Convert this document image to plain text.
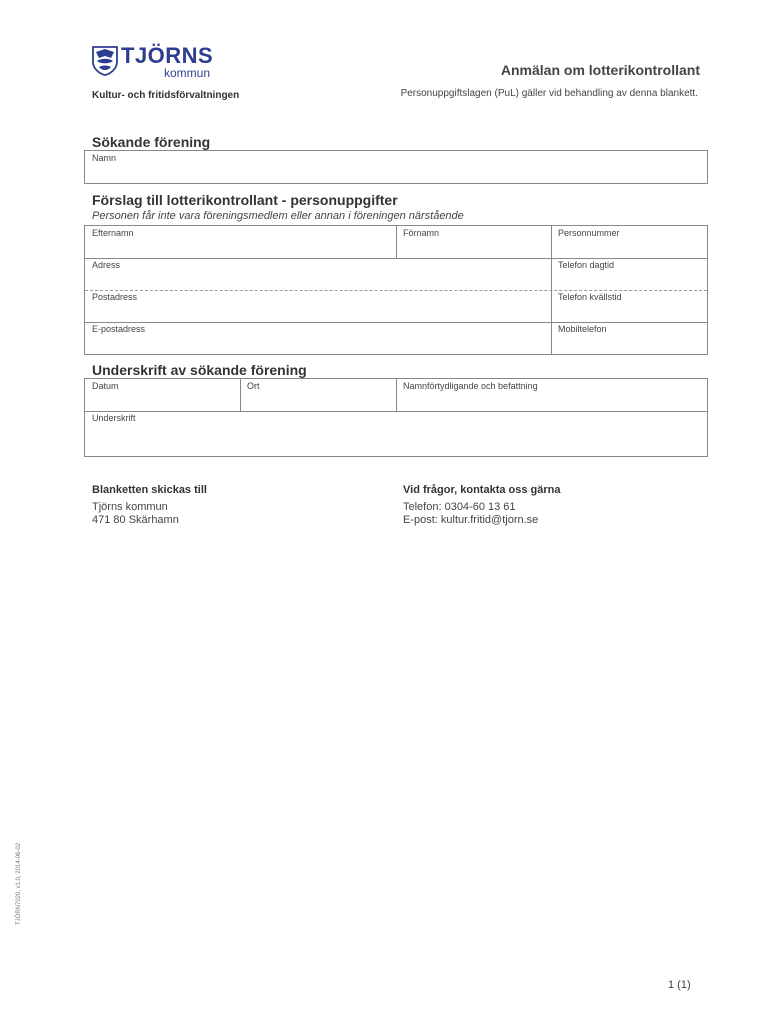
TJÖRNS
kommun
Kultur- och fritidsförvaltningen
Anmälan om lotterikontrollant
Personuppgiftslagen (PuL) gäller vid behandling av denna blankett.
Sökande förening
Namn
Förslag till lotterikontrollant - personuppgifter
Personen får inte vara föreningsmedlem eller annan i föreningen närstående
Efternamn	Förnamn	Personnummer
Adress	Telefon dagtid
Postadress	Telefon kvällstid
E-postadress	Mobiltelefon
Underskrift av sökande förening
Datum	Ort	Namnförtydligande och befattning
Underskrift
Blanketten skickas till
Tjörns kommun
471 80 Skärhamn
Vid frågor, kontakta oss gärna
Telefon: 0304-60 13 61
E-post: kultur.fritid@tjorn.se
TJÖRN7020, v1.0, 2014-06-02
1 (1)
